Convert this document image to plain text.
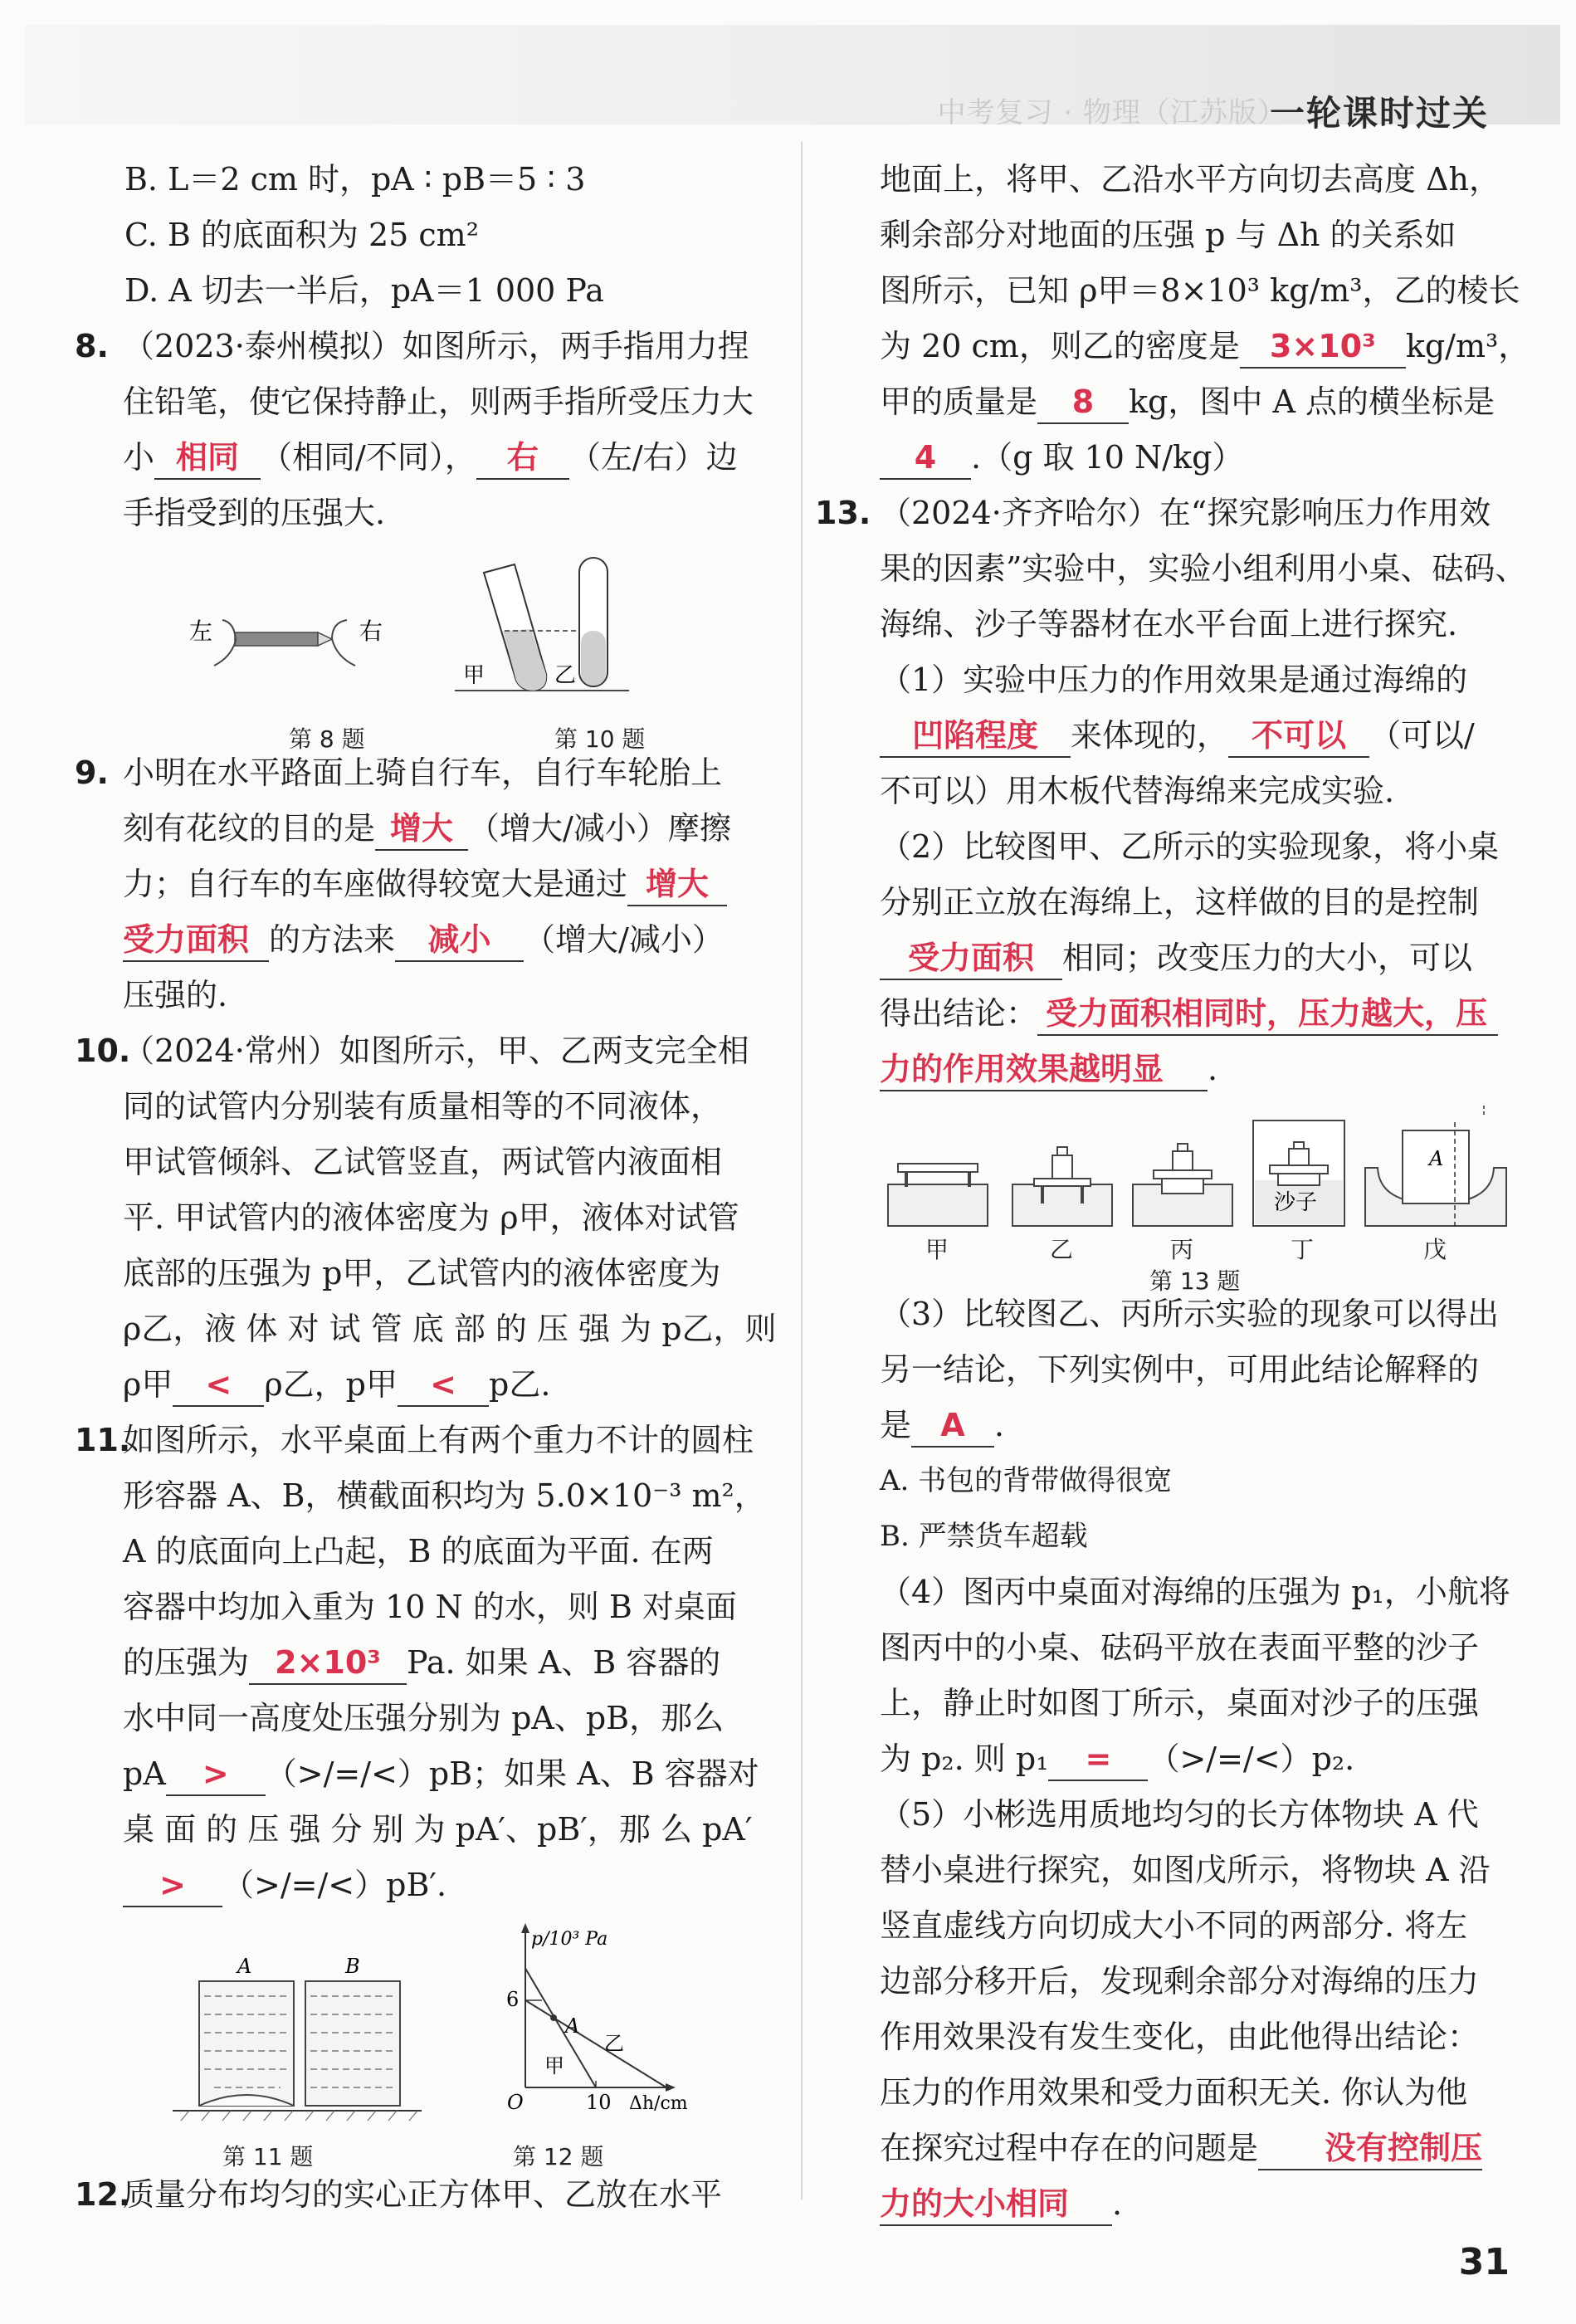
中考复习 · 物理（江苏版）
一轮课时过关
B. L＝2 cm 时，pA ∶ pB＝5 ∶ 3
C. B 的底面积为 25 cm²
D. A 切去一半后，pA＝1 000 Pa
8. （2023·泰州模拟）如图所示，两手指用力捏
住铅笔，使它保持静止，则两手指所受压力大
小 相同 （相同/不同）， 右 （左/右）边
手指受到的压强大.
左	右
甲	乙
第 8 题	第 10 题
9. 小明在水平路面上骑自行车，自行车轮胎上
刻有花纹的目的是 增大 （增大/减小）摩擦
力；自行车的车座做得较宽大是通过 增大
受力面积 的方法来 减小 （增大/减小）
压强的.
10.
（2024·常州）如图所示，甲、乙两支完全相
同的试管内分别装有质量相等的不同液体，
甲试管倾斜、乙试管竖直，两试管内液面相
平. 甲试管内的液体密度为 ρ甲，液体对试管
底部的压强为 p甲，乙试管内的液体密度为
ρ乙，液 体 对 试 管 底 部 的 压 强 为 p乙，则
ρ甲 < ρ乙，p甲 < p乙.
11.
如图所示，水平桌面上有两个重力不计的圆柱
形容器 A、B，横截面积均为 5.0×10⁻³ m²，
A 的底面向上凸起，B 的底面为平面. 在两
容器中均加入重为 10 N 的水，则 B 对桌面
的压强为 2×10³ Pa. 如果 A、B 容器的
水中同一高度处压强分别为 pA、pB，那么
pA > （>/=/<）pB；如果 A、B 容器对
桌 面 的 压 强 分 别 为 pA′、pB′，那 么 pA′
> （>/=/<）pB′.
A	B
p/10³ Pa
6
A
甲
乙
O	10 Δh/cm
第 11 题	第 12 题
12.
质量分布均匀的实心正方体甲、乙放在水平
地面上，将甲、乙沿水平方向切去高度 Δh，
剩余部分对地面的压强 p 与 Δh 的关系如
图所示，已知 ρ甲＝8×10³ kg/m³，乙的棱长
为 20 cm，则乙的密度是 3×10³ kg/m³，
甲的质量是 8 kg，图中 A 点的横坐标是
4 .（g 取 10 N/kg）
13. （2024·齐齐哈尔）在“探究影响压力作用效
果的因素”实验中，实验小组利用小桌、砝码、
海绵、沙子等器材在水平台面上进行探究.
（1）实验中压力的作用效果是通过海绵的
凹陷程度 来体现的， 不可以 （可以/
不可以）用木板代替海绵来完成实验.
（2）比较图甲、乙所示的实验现象，将小桌
分别正立放在海绵上，这样做的目的是控制
受力面积 相同；改变压力的大小，可以
得出结论： 受力面积相同时，压力越大，压
力的作用效果越明显 .
沙子
A
甲	乙	丙	丁	戊
第 13 题
（3）比较图乙、丙所示实验的现象可以得出
另一结论，下列实例中，可用此结论解释的
是 A .
A. 书包的背带做得很宽
B. 严禁货车超载
（4）图丙中桌面对海绵的压强为 p₁，小航将
图丙中的小桌、砝码平放在表面平整的沙子
上，静止时如图丁所示，桌面对沙子的压强
为 p₂. 则 p₁ = （>/=/<）p₂.
（5）小彬选用质地均匀的长方体物块 A 代
替小桌进行探究，如图戊所示，将物块 A 沿
竖直虚线方向切成大小不同的两部分. 将左
边部分移开后，发现剩余部分对海绵的压力
作用效果没有发生变化，由此他得出结论：
压力的作用效果和受力面积无关. 你认为他
在探究过程中存在的问题是 没有控制压
力的大小相同 .
31
